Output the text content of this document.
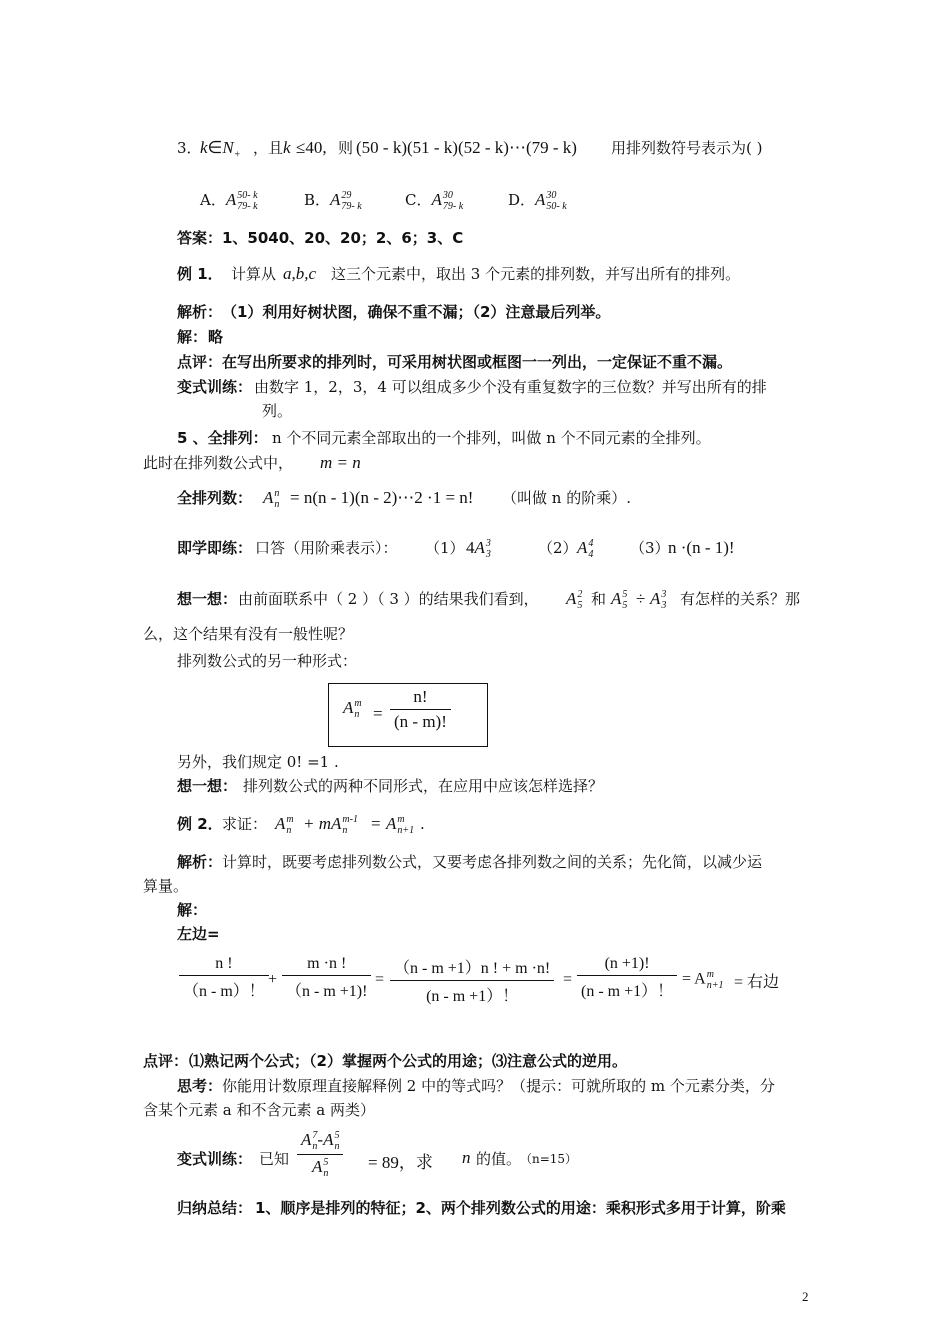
3．
$k\in N_+$ ，且 k ≤40, 则 (50 - k)(51 - k)(52 - k)⋯(79 - k) 用排列数符号表示为( )
A．A 50- k
79- k	B．A 29
79- k	C．A 30
79- k	D．A 30
50- k
答案： 1、5040、20、20；2、6；3、C
例 1． 计算从 a,b,c 这三个元素中，取出 3 个元素的排列数，并写出所有的排列。
解析： （1）利用好树状图，确保不重不漏；（2）注意最后列举。
解： 略
点评： 在写出所要求的排列时，可采用树状图或框图一一列出，一定保证不重不漏。
变式训练： 由数字 1，2，3，4 可以组成多少个没有重复数字的三位数？并写出所有的排
列。
5 、全排列： n 个不同元素全部取出的一个排列，叫做 n 个不同元素的全排列。
此时在排列数公式中， m = n
全排列数： A n
n = n(n - 1)(n - 2)⋯2 ·1 = n! （叫做 n 的阶乘）.
即学即练： 口答（用阶乘表示）： （1） 4A 3
3	（2） A 4
4 （3）
n ·(n - 1)!
想一想： 由前面联系中（ 2 ）（ 3 ）的结果我们看到， A 2
5 和 A 5
5 ÷ A 3
3 有怎样的关系？那
么，这个结果有没有一般性呢？
排列数公式的另一种形式：
A m
$n = \frac{n!}{(n - m)!}$
另外，我们规定 0! =1 .
想一想： 排列数公式的两种不同形式，在应用中应该怎样选择？
例 2． 求证： A m
n + m A m-1
n	= A m
n+1 .
解析： 计算时，既要考虑排列数公式，又要考虑各排列数之间的关系；先化简，以减少运
算量。
解：
左边=
$\frac{n !}{(n - m)!} + \frac{m \cdot n !}{(n - m +1)!} = \frac{(n - m +1)n ! + m \cdot n!}{(n - m +1)!} = \frac{(n +1)!}{(n - m +1)!} = A$ m
n+1 = 右边
点评： ⑴熟记两个公式；（2）掌握两个公式的用途；⑶注意公式的逆用。
思考： 你能用计数原理直接解释例 2 中的等式吗？（提示：可就所取的 m 个元素分类，分
含某个元素 a 和不含元素 a 两类）
变式训练： 已知 A 7
n -A 5
n
A 5
n = 89，求 n 的值。
（n=15）
归纳总结： 1、顺序是排列的特征；2、两个排列数公式的用途：乘积形式多用于计算，阶乘
2
